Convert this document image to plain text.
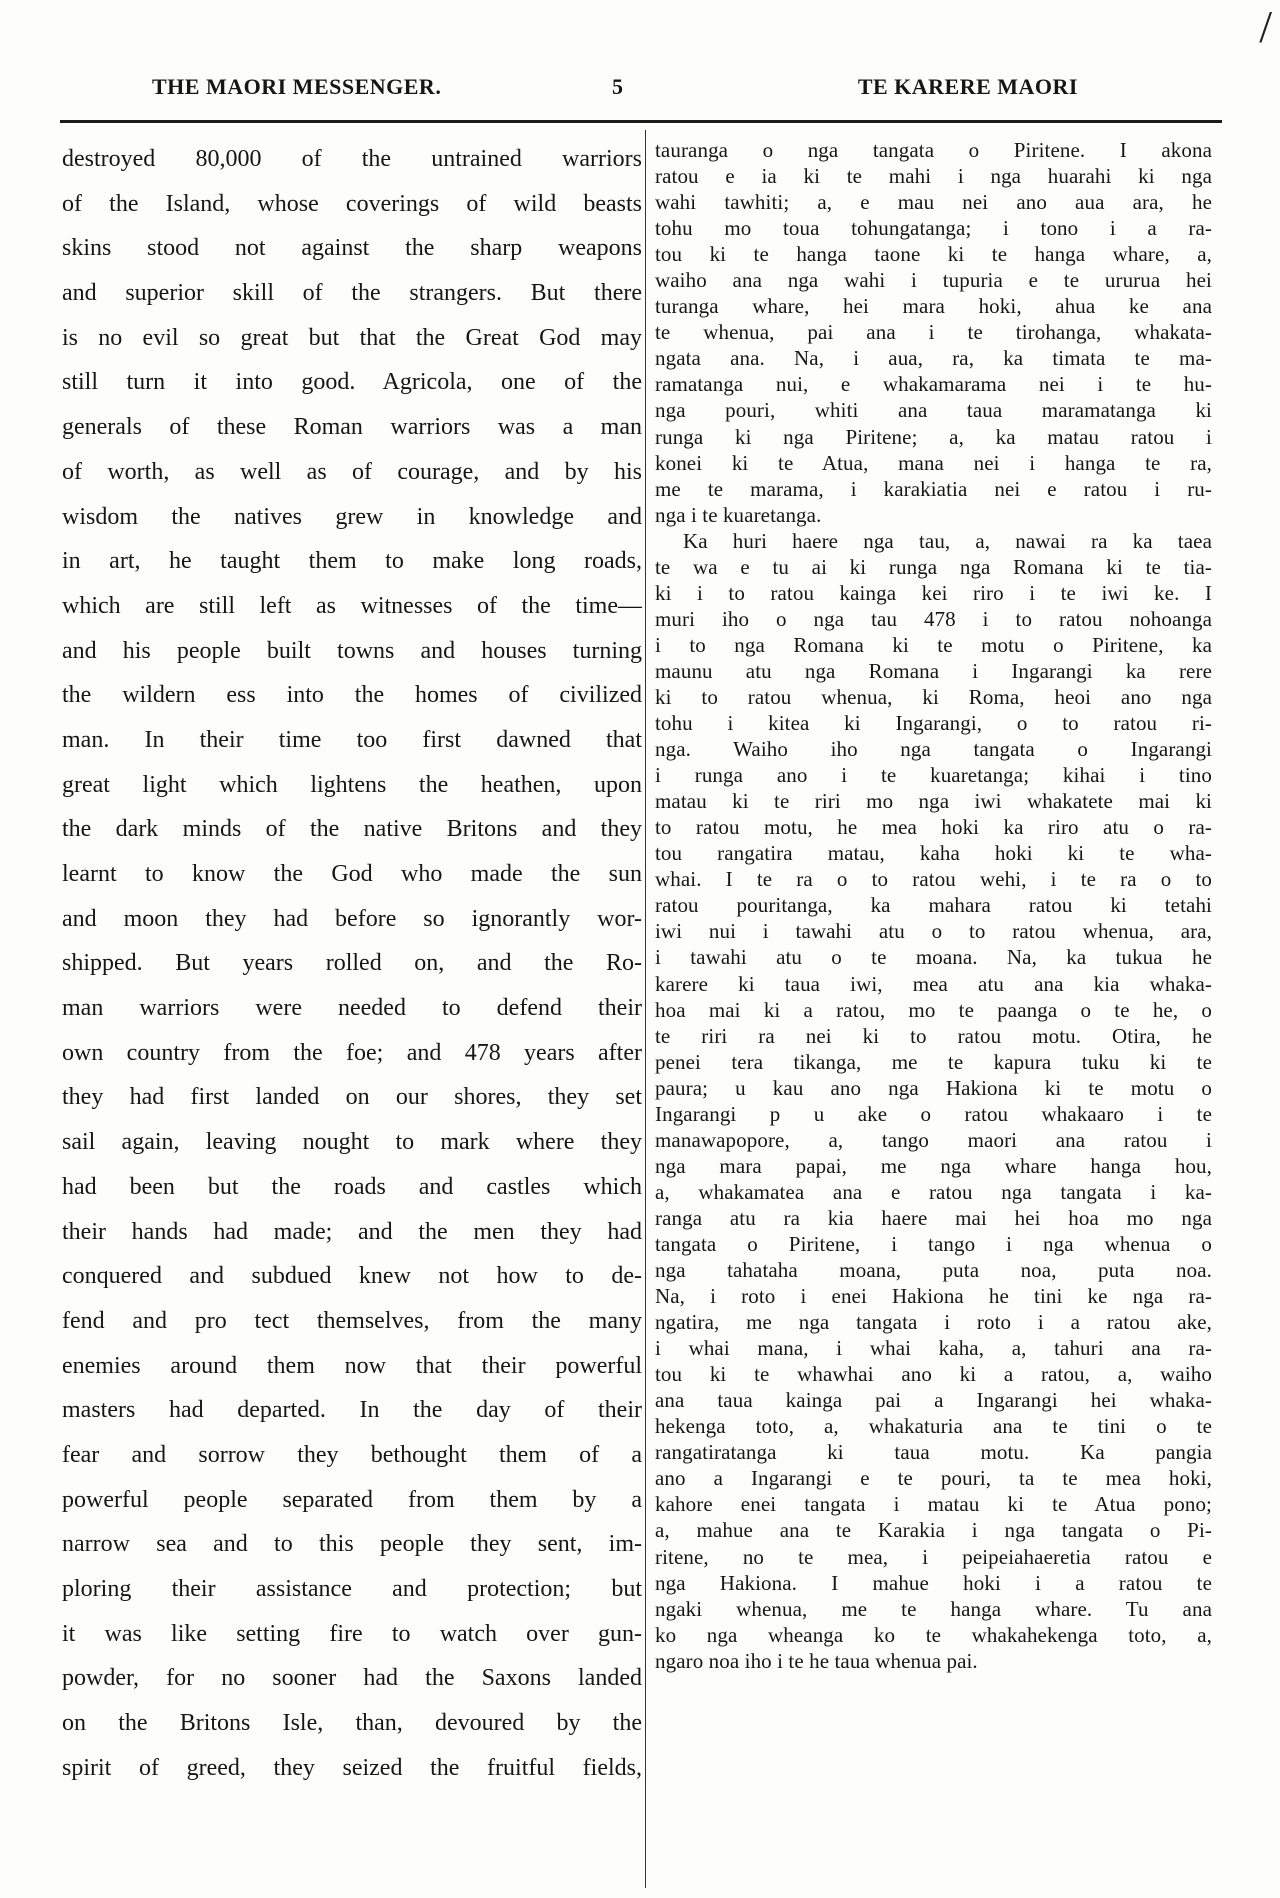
/
THE MAORI MESSENGER.	5	TE KARERE MAORI
destroyed 80,000 of the untrained warriors
of the Island, whose coverings of wild beasts
skins stood not against the sharp weapons
and superior skill of the strangers. But there
is no evil so great but that the Great God may
still turn it into good. Agricola, one of the
generals of these Roman warriors was a man
of worth, as well as of courage, and by his
wisdom the natives grew in knowledge and
in art, he taught them to make long roads,
which are still left as witnesses of the time—
and his people built towns and houses turning
the wildern ess into the homes of civilized
man. In their time too first dawned that
great light which lightens the heathen, upon
the dark minds of the native Britons and they
learnt to know the God who made the sun
and moon they had before so ignorantly wor-
shipped. But years rolled on, and the Ro-
man warriors were needed to defend their
own country from the foe; and 478 years after
they had first landed on our shores, they set
sail again, leaving nought to mark where they
had been but the roads and castles which
their hands had made; and the men they had
conquered and subdued knew not how to de-
fend and pro tect themselves, from the many
enemies around them now that their powerful
masters had departed. In the day of their
fear and sorrow they bethought them of a
powerful people separated from them by a
narrow sea and to this people they sent, im-
ploring their assistance and protection; but
it was like setting fire to watch over gun-
powder, for no sooner had the Saxons landed
on the Britons Isle, than, devoured by the
spirit of greed, they seized the fruitful fields,
tauranga o nga tangata o Piritene. I akona
ratou e ia ki te mahi i nga huarahi ki nga
wahi tawhiti; a, e mau nei ano aua ara, he
tohu mo toua tohungatanga; i tono i a ra-
tou ki te hanga taone ki te hanga whare, a,
waiho ana nga wahi i tupuria e te ururua hei
turanga whare, hei mara hoki, ahua ke ana
te whenua, pai ana i te tirohanga, whakata-
ngata ana. Na, i aua, ra, ka timata te ma-
ramatanga nui, e whakamarama nei i te hu-
nga pouri, whiti ana taua maramatanga ki
runga ki nga Piritene; a, ka matau ratou i
konei ki te Atua, mana nei i hanga te ra,
me te marama, i karakiatia nei e ratou i ru-
nga i te kuaretanga.
Ka huri haere nga tau, a, nawai ra ka taea
te wa e tu ai ki runga nga Romana ki te tia-
ki i to ratou kainga kei riro i te iwi ke. I
muri iho o nga tau 478 i to ratou nohoanga
i to nga Romana ki te motu o Piritene, ka
maunu atu nga Romana i Ingarangi ka rere
ki to ratou whenua, ki Roma, heoi ano nga
tohu i kitea ki Ingarangi, o to ratou ri-
nga. Waiho iho nga tangata o Ingarangi
i runga ano i te kuaretanga; kihai i tino
matau ki te riri mo nga iwi whakatete mai ki
to ratou motu, he mea hoki ka riro atu o ra-
tou rangatira matau, kaha hoki ki te wha-
whai. I te ra o to ratou wehi, i te ra o to
ratou pouritanga, ka mahara ratou ki tetahi
iwi nui i tawahi atu o to ratou whenua, ara,
i tawahi atu o te moana. Na, ka tukua he
karere ki taua iwi, mea atu ana kia whaka-
hoa mai ki a ratou, mo te paanga o te he, o
te riri ra nei ki to ratou motu. Otira, he
penei tera tikanga, me te kapura tuku ki te
paura; u kau ano nga Hakiona ki te motu o
Ingarangi p u ake o ratou whakaaro i te
manawapopore, a, tango maori ana ratou i
nga mara papai, me nga whare hanga hou,
a, whakamatea ana e ratou nga tangata i ka-
ranga atu ra kia haere mai hei hoa mo nga
tangata o Piritene, i tango i nga whenua o
nga tahataha moana, puta noa, puta noa.
Na, i roto i enei Hakiona he tini ke nga ra-
ngatira, me nga tangata i roto i a ratou ake,
i whai mana, i whai kaha, a, tahuri ana ra-
tou ki te whawhai ano ki a ratou, a, waiho
ana taua kainga pai a Ingarangi hei whaka-
hekenga toto, a, whakaturia ana te tini o te
rangatiratanga ki taua motu. Ka pangia
ano a Ingarangi e te pouri, ta te mea hoki,
kahore enei tangata i matau ki te Atua pono;
a, mahue ana te Karakia i nga tangata o Pi-
ritene, no te mea, i peipeiahaeretia ratou e
nga Hakiona. I mahue hoki i a ratou te
ngaki whenua, me te hanga whare. Tu ana
ko nga wheanga ko te whakahekenga toto, a,
ngaro noa iho i te he taua whenua pai.
